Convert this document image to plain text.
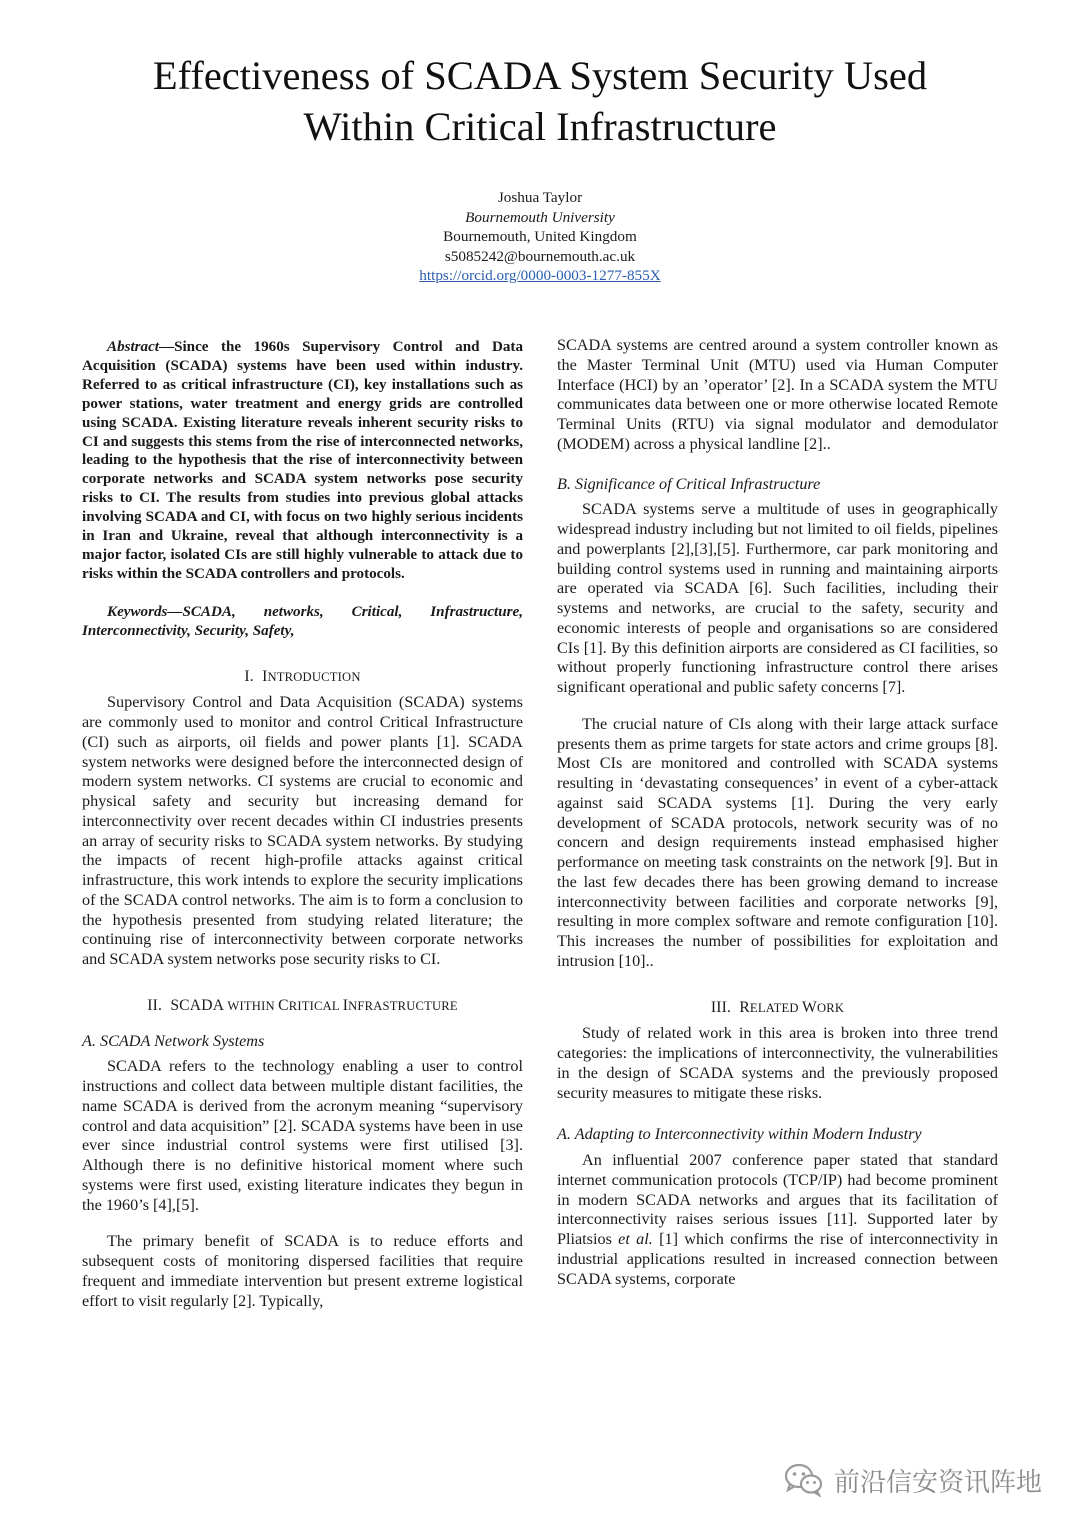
Effectiveness of SCADA System Security Used
Within Critical Infrastructure
Joshua Taylor
Bournemouth University
Bournemouth, United Kingdom
s5085242@bournemouth.ac.uk
https://orcid.org/0000-0003-1277-855X

Abstract—Since the 1960s Supervisory Control and Data Acquisition (SCADA) systems have been used within industry. Referred to as critical infrastructure (CI), key installations such as power stations, water treatment and energy grids are controlled using SCADA. Existing literature reveals inherent security risks to CI and suggests this stems from the rise of interconnected networks, leading to the hypothesis that the rise of interconnectivity between corporate networks and SCADA system networks pose security risks to CI. The results from studies into previous global attacks involving SCADA and CI, with focus on two highly serious incidents in Iran and Ukraine, reveal that although interconnectivity is a major factor, isolated CIs are still highly vulnerable to attack due to risks within the SCADA controllers and protocols.

Keywords—SCADA, networks, Critical, Infrastructure, Interconnectivity, Security, Safety,

I. INTRODUCTION

Supervisory Control and Data Acquisition (SCADA) systems are commonly used to monitor and control Critical Infrastructure (CI) such as airports, oil fields and power plants [1]. SCADA system networks were designed before the interconnected design of modern system networks. CI systems are crucial to economic and physical safety and security but increasing demand for interconnectivity over recent decades within CI industries presents an array of security risks to SCADA system networks. By studying the impacts of recent high-profile attacks against critical infrastructure, this work intends to explore the security implications of the SCADA control networks. The aim is to form a conclusion to the hypothesis presented from studying related literature; the continuing rise of interconnectivity between corporate networks and SCADA system networks pose security risks to CI.

II. SCADA WITHIN CRITICAL INFRASTRUCTURE

A. SCADA Network Systems

SCADA refers to the technology enabling a user to control instructions and collect data between multiple distant facilities, the name SCADA is derived from the acronym meaning “supervisory control and data acquisition” [2]. SCADA systems have been in use ever since industrial control systems were first utilised [3]. Although there is no definitive historical moment where such systems were first used, existing literature indicates they begun in the 1960’s [4],[5].

The primary benefit of SCADA is to reduce efforts and subsequent costs of monitoring dispersed facilities that require frequent and immediate intervention but present extreme logistical effort to visit regularly [2]. Typically,

SCADA systems are centred around a system controller known as the Master Terminal Unit (MTU) used via Human Computer Interface (HCI) by an ’operator’ [2]. In a SCADA system the MTU communicates data between one or more otherwise located Remote Terminal Units (RTU) via signal modulator and demodulator (MODEM) across a physical landline [2]..

B. Significance of Critical Infrastructure

SCADA systems serve a multitude of uses in geographically widespread industry including but not limited to oil fields, pipelines and powerplants [2],[3],[5]. Furthermore, car park monitoring and building control systems used in running and maintaining airports are operated via SCADA [6]. Such facilities, including their systems and networks, are crucial to the safety, security and economic interests of people and organisations so are considered CIs [1]. By this definition airports are considered as CI facilities, so without properly functioning infrastructure control there arises significant operational and public safety concerns [7].

The crucial nature of CIs along with their large attack surface presents them as prime targets for state actors and crime groups [8]. Most CIs are monitored and controlled with SCADA systems resulting in ‘devastating consequences’ in event of a cyber-attack against said SCADA systems [1]. During the very early development of SCADA protocols, network security was of no concern and design requirements instead emphasised higher performance on meeting task constraints on the network [9]. But in the last few decades there has been growing demand to increase interconnectivity between facilities and corporate networks [9], resulting in more complex software and remote configuration [10]. This increases the number of possibilities for exploitation and intrusion [10]..

III. RELATED WORK

Study of related work in this area is broken into three trend categories: the implications of interconnectivity, the vulnerabilities in the design of SCADA systems and the previously proposed security measures to mitigate these risks.

A. Adapting to Interconnectivity within Modern Industry

An influential 2007 conference paper stated that standard internet communication protocols (TCP/IP) had become prominent in modern SCADA networks and argues that its facilitation of interconnectivity raises serious issues [11]. Supported later by Pliatsios et al. [1] which confirms the rise of interconnectivity in industrial applications resulted in increased connection between SCADA systems, corporate

前沿信安资讯阵地
